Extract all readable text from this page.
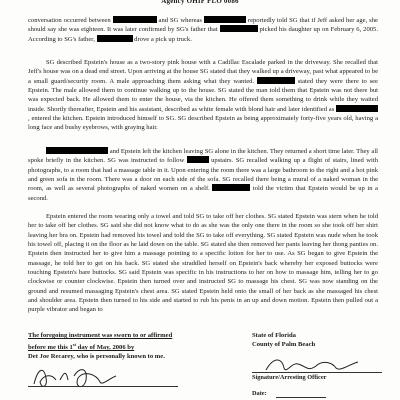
Agency OHIF FLO 0086

conversation occurred between	and SG whereas	reportedly told SG that if Jeff asked her age, she should say she was eighteen. It was later confirmed by SG's father that	picked his daughter up on February 6, 2005. According to SG's father,	drove a pick up truck.

SG described Epstein's house as a two-story pink house with a Cadillac Escalade parked in the driveway. She recalled that Jeff's house was on a dead end street. Upon arriving at the house SG stated that they walked up a driveway, past what appeared to be a small guard/security room. A male approaching them asking what they wanted.	stated they were there to see Epstein. The male allowed them to continue walking up to the house. SG stated the man told them that Epstein was not there but was expected back. He allowed them to enter the house, via the kitchen. He offered them something to drink while they waited inside. Shortly thereafter, Epstein and his assistant, described as white female with blond hair and later identified as , entered the kitchen. Epstein introduced himself to SG. SG described Epstein as being approximately forty-five years old, having a long face and bushy eyebrows, with graying hair.

and Epstein left the kitchen leaving SG alone in the kitchen. They returned a short time later. They all spoke briefly in the kitchen. SG was instructed to follow	upstairs. SG recalled walking up a flight of stairs, lined with photographs, to a room that had a massage table in it. Upon entering the room there was a large bathroom to the right and a hot pink and green sofa in the room. There was a door on each side of the sofa. SG recalled there being a mural of a naked woman in the room, as well as several photographs of naked women on a shelf.	told the victim that Epstein would be up in a second.

Epstein entered the room wearing only a towel and told SG to take off her clothes. SG stated Epstein was stern when he told her to take off her clothes. SG said she did not know what to do as she was the only one there in the room so she took off her shirt leaving her bra on. Epstein had removed his towel and told the SG to take off everything. SG stated Epstein was nude when he took his towel off, placing it on the floor as he laid down on the table. SG stated she then removed her pants leaving her thong panties on. Epstein then instructed her to give him a massage pointing to a specific lotion for her to use. As SG began to give Epstein the massage, he told her to get on his back. SG stated she straddled herself on Epstein's back whereby her exposed buttocks were touching Epstein's bare buttocks. SG said Epstein was specific in his instructions to her on how to massage him, telling her to go clockwise or counter clockwise. Epstein then turned over and instructed SG to massage his chest. SG was now standing on the ground and resumed massaging Epstein's chest area. SG stated Epstein held onto the small of her back as she massaged his chest and shoulder area. Epstein then turned to his side and started to rub his penis in an up and down motion. Epstein then pulled out a purple vibrator and began to

The foregoing instrument was sworn to or affirmed
before me this 1st day of May, 2006 by
Det Joe Recarey, who is personally known to me.
State of Florida
County of Palm Beach
Signature/Arresting Officer
Date:
